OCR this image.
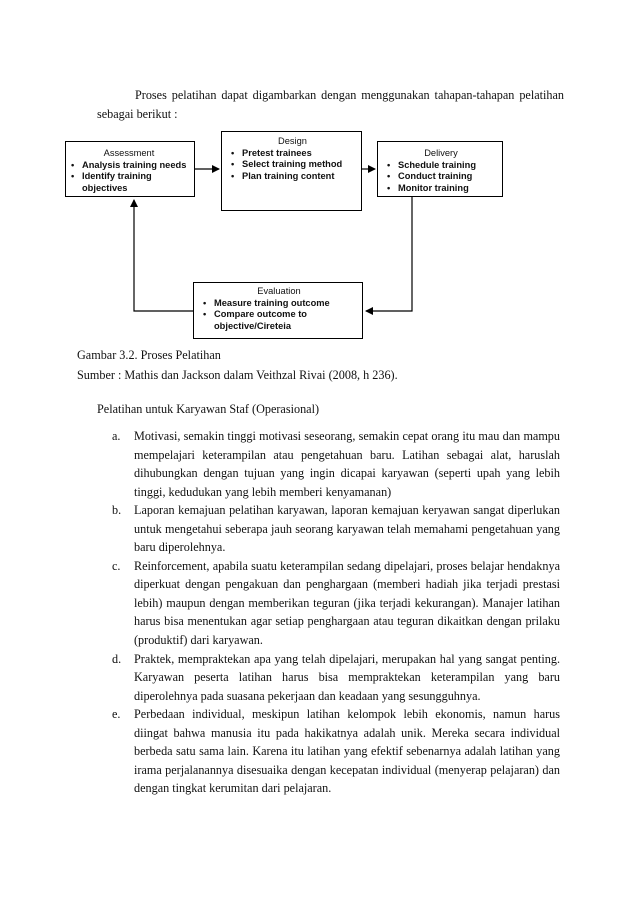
Proses pelatihan dapat digambarkan dengan menggunakan tahapan-tahapan pelatihan sebagai berikut :

Assessment
• Analysis training needs
• Identify training objectives
Design
• Pretest trainees
• Select training method
• Plan training content
Delivery
• Schedule training
• Conduct training
• Monitor training
Evaluation
• Measure training outcome
• Compare outcome to objective/Cireteia
Gambar 3.2. Proses Pelatihan
Sumber : Mathis dan Jackson dalam Veithzal Rivai (2008, h 236).
Pelatihan untuk Karyawan Staf (Operasional)
a. Motivasi, semakin tinggi motivasi seseorang, semakin cepat orang itu mau dan mampu mempelajari keterampilan atau pengetahuan baru. Latihan sebagai alat, haruslah dihubungkan dengan tujuan yang ingin dicapai karyawan (seperti upah yang lebih tinggi, kedudukan yang lebih memberi kenyamanan)
b. Laporan kemajuan pelatihan karyawan, laporan kemajuan keryawan sangat diperlukan untuk mengetahui seberapa jauh seorang karyawan telah memahami pengetahuan yang baru diperolehnya.
c. Reinforcement, apabila suatu keterampilan sedang dipelajari, proses belajar hendaknya diperkuat dengan pengakuan dan penghargaan (memberi hadiah jika terjadi prestasi lebih) maupun dengan memberikan teguran (jika terjadi kekurangan). Manajer latihan harus bisa menentukan agar setiap penghargaan atau teguran dikaitkan dengan prilaku (produktif) dari karyawan.
d. Praktek, mempraktekan apa yang telah dipelajari, merupakan hal yang sangat penting. Karyawan peserta latihan harus bisa mempraktekan keterampilan yang baru diperolehnya pada suasana pekerjaan dan keadaan yang sesungguhnya.
e. Perbedaan individual, meskipun latihan kelompok lebih ekonomis, namun harus diingat bahwa manusia itu pada hakikatnya adalah unik. Mereka secara individual berbeda satu sama lain. Karena itu latihan yang efektif sebenarnya adalah latihan yang irama perjalanannya disesuaika dengan kecepatan individual (menyerap pelajaran) dan dengan tingkat kerumitan dari pelajaran.
